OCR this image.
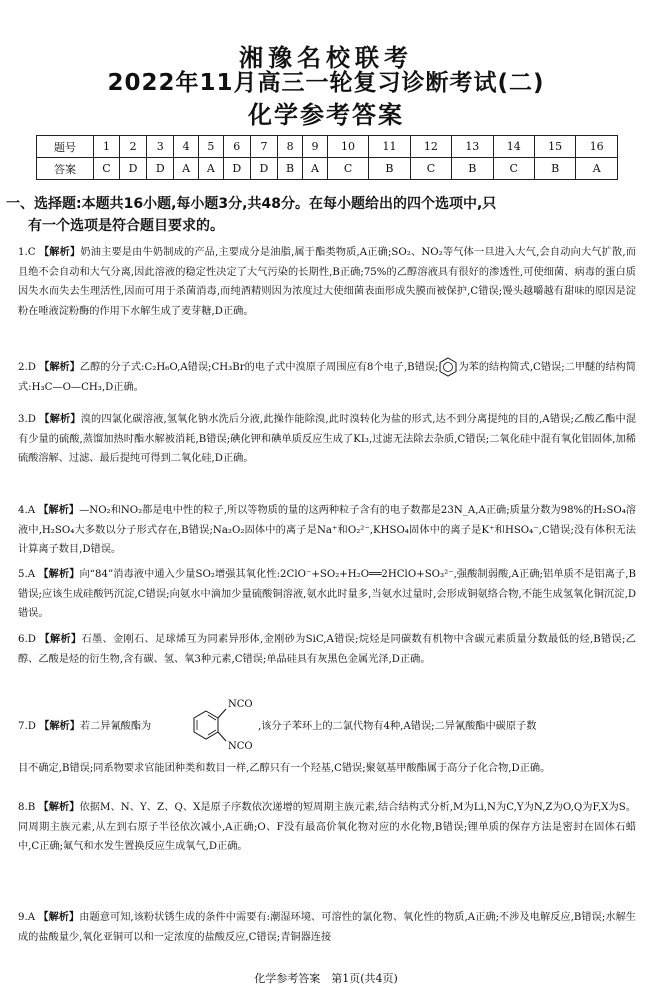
湘豫名校联考
2022年11月高三一轮复习诊断考试(二)
化学参考答案
题号	1	2	3	4	5	6	7	8	9	10	11	12	13	14	15	16
答案	C	D	D	A	A	D	D	B	A	C	B	C	B	C	B	A
一、选择题:本题共16小题,每小题3分,共48分。在每小题给出的四个选项中,只
有一个选项是符合题目要求的。
1.C 【解析】奶油主要是由牛奶制成的产品,主要成分是油脂,属于酯类物质,A正确;SO₂、NO₂等气体一旦进入大气,会自动向大气扩散,而且绝不会自动和大气分离,因此溶液的稳定性决定了大气污染的长期性,B正确;75%的乙醇溶液具有很好的渗透性,可使细菌、病毒的蛋白质因失水而失去生理活性,因而可用于杀菌消毒,而纯酒精则因为浓度过大使细菌表面形成失膜而被保护,C错误;馒头越嚼越有甜味的原因是淀粉在唾液淀粉酶的作用下水解生成了麦芽糖,D正确。
2.D 【解析】乙醇的分子式:C₂H₆O,A错误;CH₃Br的电子式中溴原子周围应有8个电子,B错误; 为苯的结构简式,C错误;二甲醚的结构简式:H₃C—O—CH₃,D正确。
3.D 【解析】溴的四氯化碳溶液,氢氧化钠水洗后分液,此操作能除溴,此时溴转化为盐的形式,达不到分离提纯的目的,A错误;乙酸乙酯中混有少量的硫酸,蒸馏加热时酯水解被消耗,B错误;碘化钾和碘单质反应生成了KI₃,过滤无法除去杂质,C错误;二氧化硅中混有氧化铝固体,加稀硫酸溶解、过滤、最后提纯可得到二氧化硅,D正确。
4.A 【解析】—NO₂和NO₂都是电中性的粒子,所以等物质的量的这两种粒子含有的电子数都是23N_A,A正确;质量分数为98%的H₂SO₄溶液中,H₂SO₄大多数以分子形式存在,B错误;Na₂O₂固体中的离子是Na⁺和O₂²⁻,KHSO₄固体中的离子是K⁺和HSO₄⁻,C错误;没有体积无法计算离子数目,D错误。
5.A 【解析】向“84”消毒液中通入少量SO₂增强其氧化性:2ClO⁻+SO₂+H₂O══2HClO+SO₃²⁻,强酸制弱酸,A正确;铝单质不是铝离子,B错误;应该生成硅酸钙沉淀,C错误;向氨水中滴加少量硫酸铜溶液,氨水此时量多,当氨水过量时,会形成铜氨络合物,不能生成氢氧化铜沉淀,D错误。
6.D 【解析】石墨、金刚石、足球烯互为同素异形体,金刚砂为SiC,A错误;烷烃是同碳数有机物中含碳元素质量分数最低的烃,B错误;乙醇、乙酸是烃的衍生物,含有碳、氢、氧3种元素,C错误;单晶硅具有灰黑色金属光泽,D正确。
7.D 【解析】若二异氰酸酯为
NCO
NCO
,该分子苯环上的二氯代物有4种,A错误;二异氰酸酯中碳原子数
目不确定,B错误;同系物要求官能团种类和数目一样,乙醇只有一个羟基,C错误;聚氨基甲酸酯属于高分子化合物,D正确。
8.B 【解析】依据M、N、Y、Z、Q、X是原子序数依次递增的短周期主族元素,结合结构式分析,M为Li,N为C,Y为N,Z为O,Q为F,X为S。同周期主族元素,从左到右原子半径依次减小,A正确;O、F没有最高价氧化物对应的水化物,B错误;锂单质的保存方法是密封在固体石蜡中,C正确;氟气和水发生置换反应生成氧气,D正确。
9.A 【解析】由题意可知,该粉状锈生成的条件中需要有:潮湿环境、可溶性的氯化物、氧化性的物质,A正确;不涉及电解反应,B错误;水解生成的盐酸量少,氧化亚铜可以和一定浓度的盐酸反应,C错误;青铜器连接
化学参考答案　第1页(共4页)
